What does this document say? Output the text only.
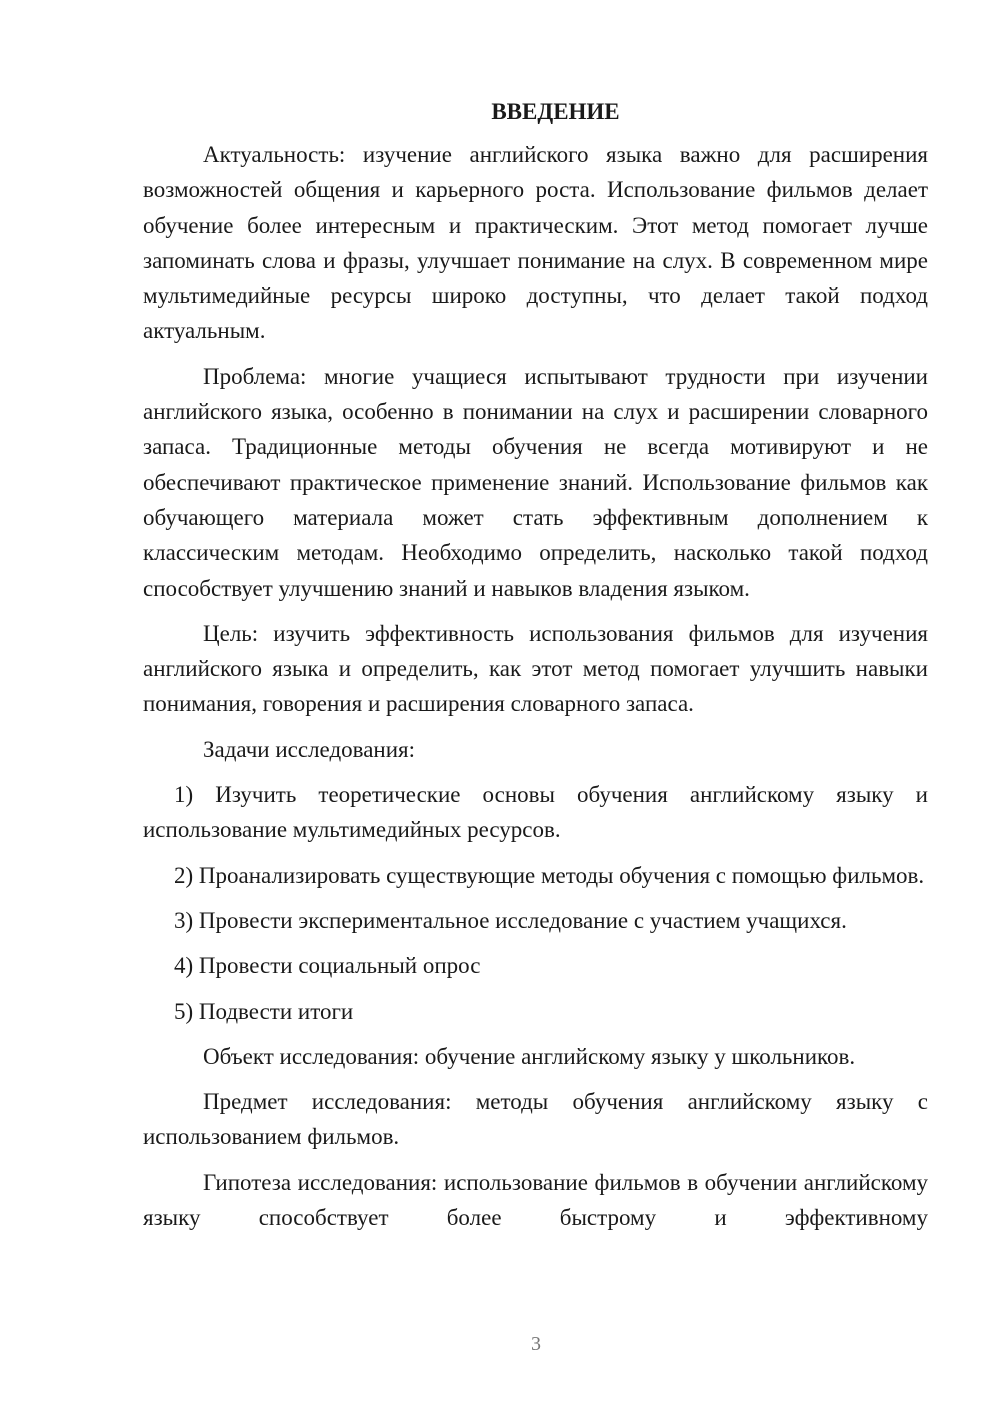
ВВЕДЕНИЕ

Актуальность: изучение английского языка важно для расширения возможностей общения и карьерного роста. Использование фильмов делает обучение более интересным и практическим. Этот метод помогает лучше запоминать слова и фразы, улучшает понимание на слух. В современном мире мультимедийные ресурсы широко доступны, что делает такой подход актуальным.

Проблема: многие учащиеся испытывают трудности при изучении английского языка, особенно в понимании на слух и расширении словарного запаса. Традиционные методы обучения не всегда мотивируют и не обеспечивают практическое применение знаний. Использование фильмов как обучающего материала может стать эффективным дополнением к классическим методам. Необходимо определить, насколько такой подход способствует улучшению знаний и навыков владения языком.

Цель: изучить эффективность использования фильмов для изучения английского языка и определить, как этот метод помогает улучшить навыки понимания, говорения и расширения словарного запаса.

Задачи исследования:

1) Изучить теоретические основы обучения английскому языку и использование мультимедийных ресурсов.

2) Проанализировать существующие методы обучения с помощью фильмов.

3) Провести экспериментальное исследование с участием учащихся.

4) Провести социальный опрос

5) Подвести итоги

Объект исследования: обучение английскому языку у школьников.

Предмет исследования: методы обучения английскому языку с использованием фильмов.

Гипотеза исследования: использование фильмов в обучении английскому языку способствует более быстрому и эффективному

3
